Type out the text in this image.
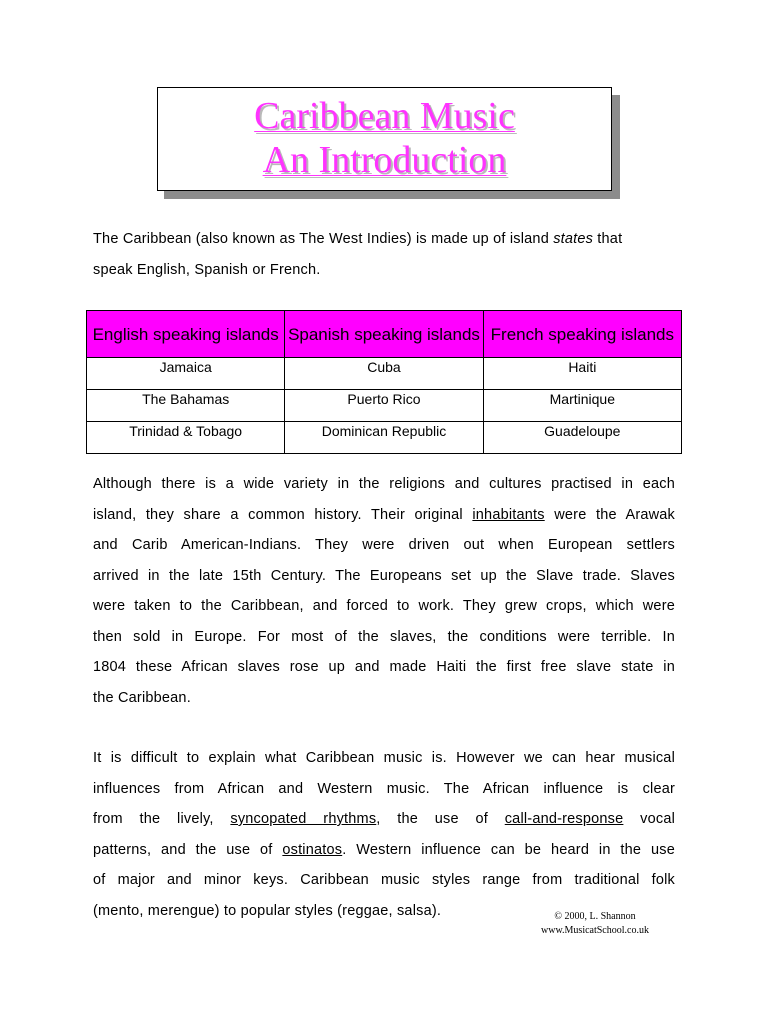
Caribbean Music
An Introduction
The Caribbean (also known as The West Indies) is made up of island states that
speak English, Spanish or French.
English speaking islands	Spanish speaking islands	French speaking islands
Jamaica	Cuba	Haiti
The Bahamas	Puerto Rico	Martinique
Trinidad & Tobago	Dominican Republic	Guadeloupe
Although there is a wide variety in the religions and cultures practised in each
island, they share a common history. Their original inhabitants were the Arawak
and Carib American-Indians. They were driven out when European settlers
arrived in the late 15th Century. The Europeans set up the Slave trade. Slaves
were taken to the Caribbean, and forced to work. They grew crops, which were
then sold in Europe. For most of the slaves, the conditions were terrible. In
1804 these African slaves rose up and made Haiti the first free slave state in
the Caribbean.
It is difficult to explain what Caribbean music is. However we can hear musical
influences from African and Western music. The African influence is clear
from the lively, syncopated rhythms, the use of call-and-response vocal
patterns, and the use of ostinatos. Western influence can be heard in the use
of major and minor keys. Caribbean music styles range from traditional folk
(mento, merengue) to popular styles (reggae, salsa).	© 2000, L. Shannon
www.MusicatSchool.co.uk
